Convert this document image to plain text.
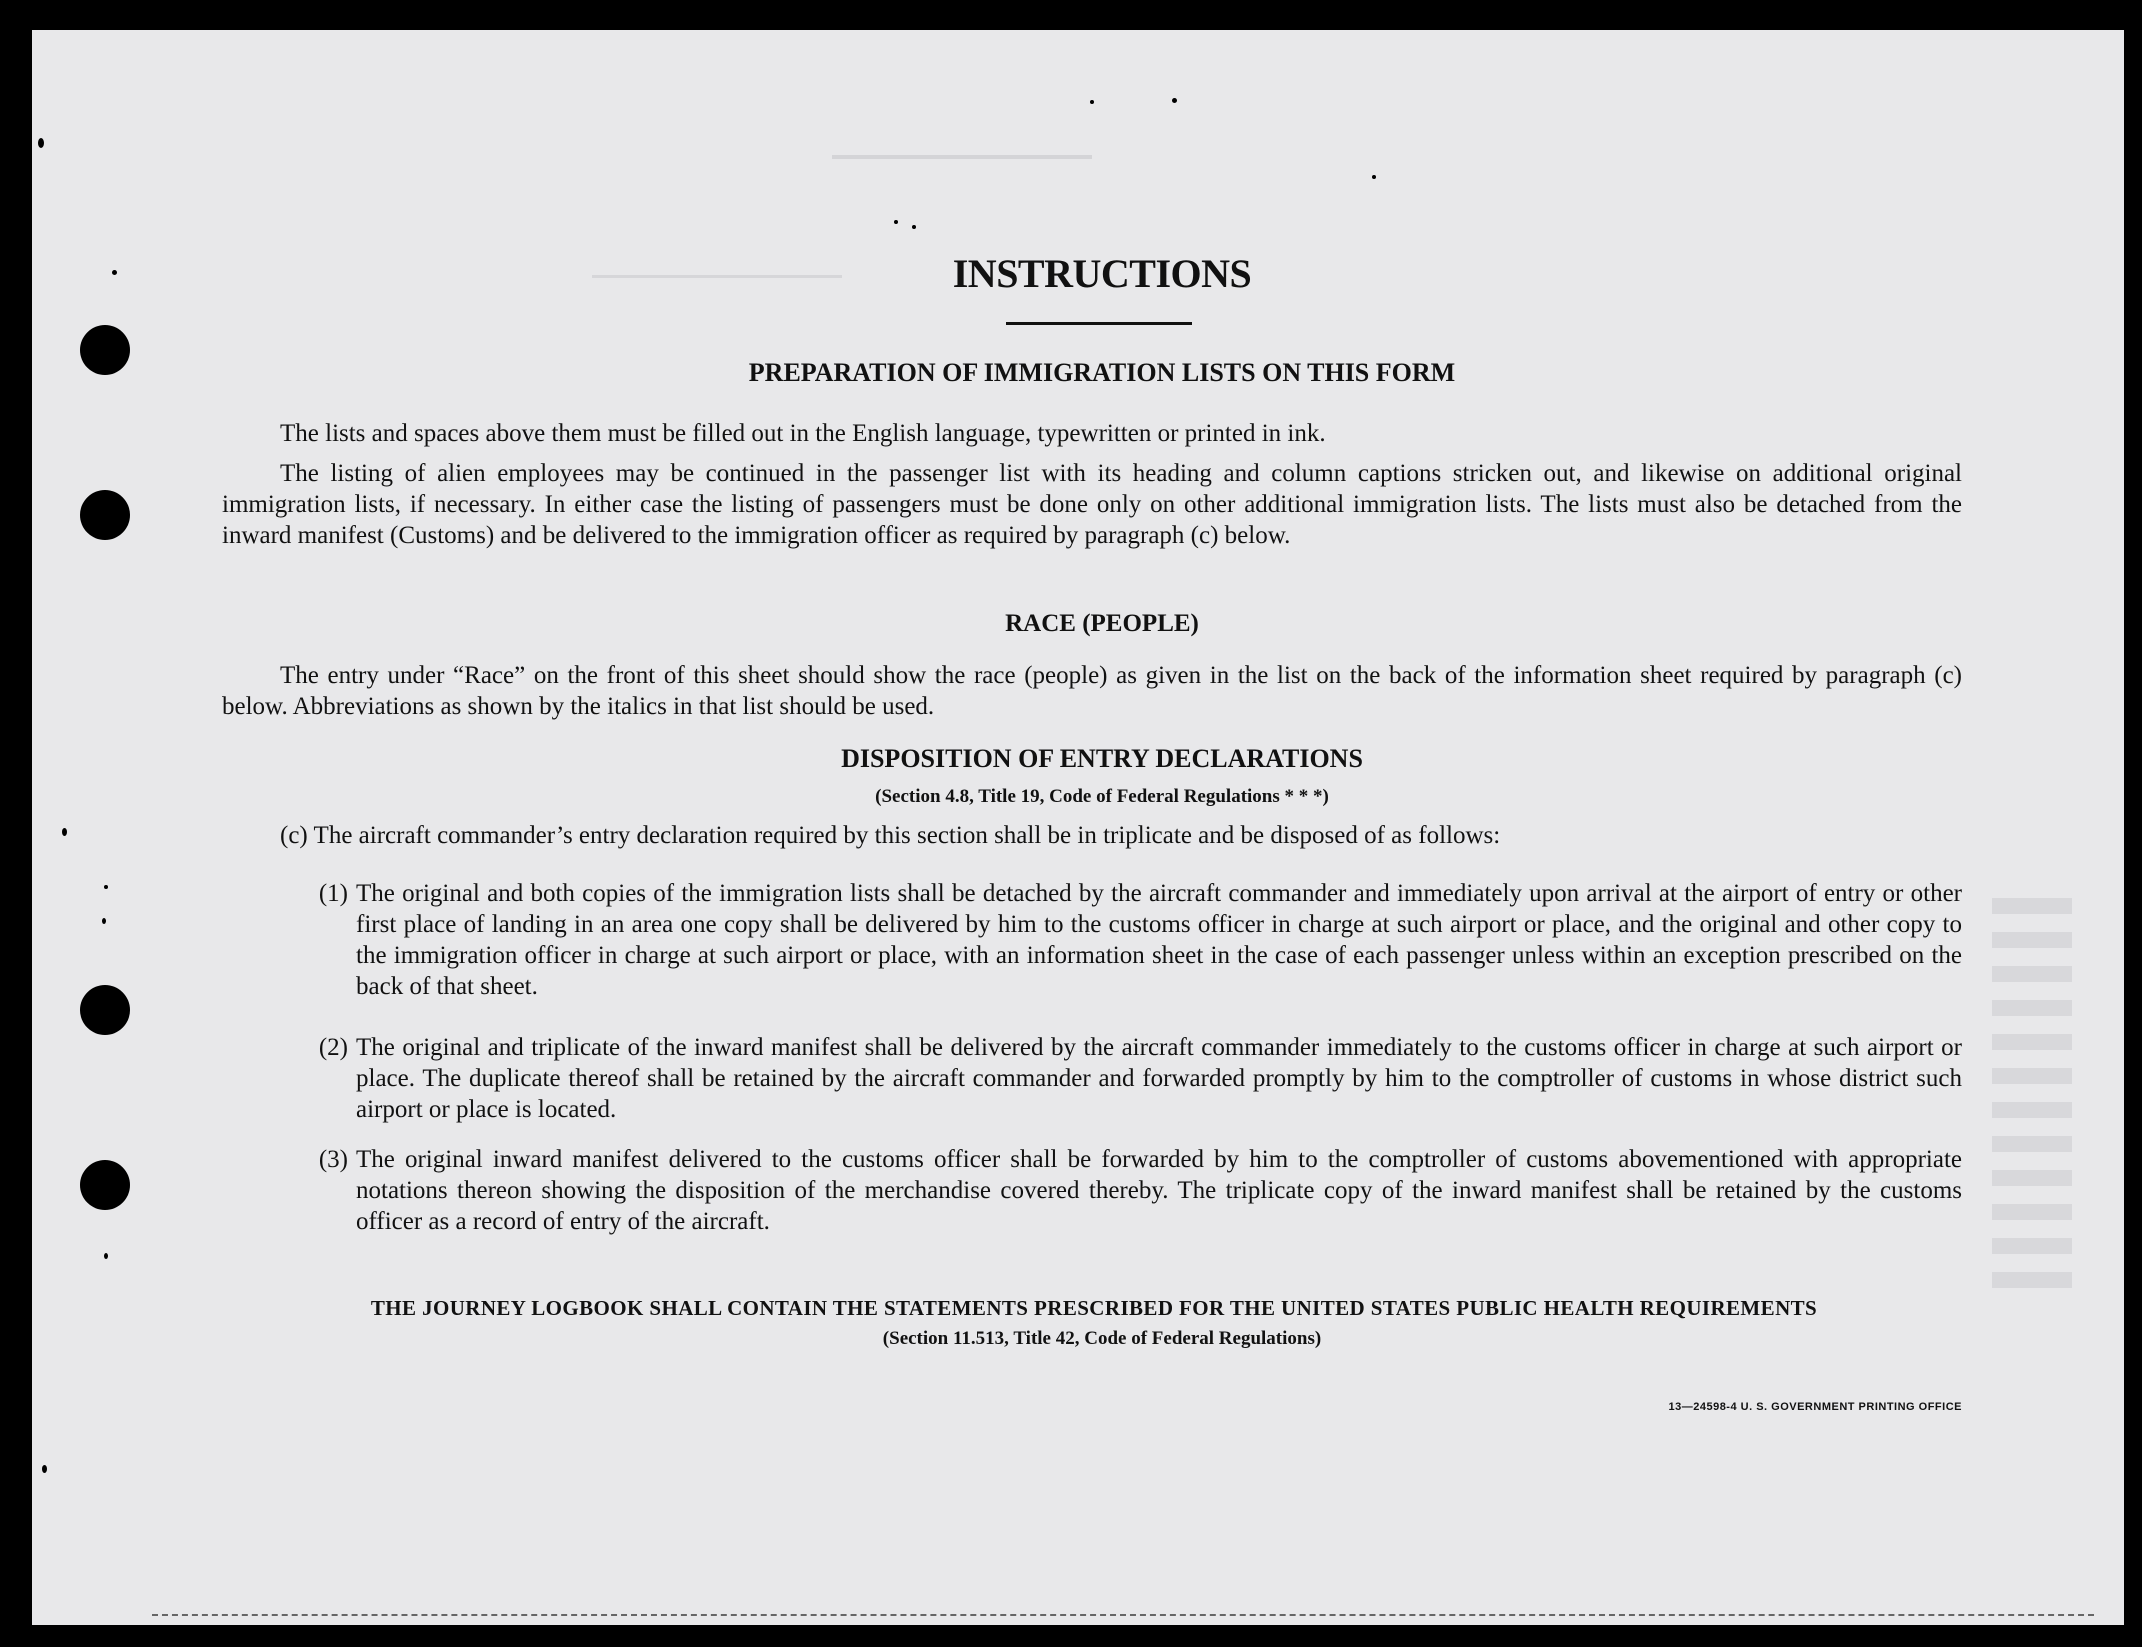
INSTRUCTIONS
PREPARATION OF IMMIGRATION LISTS ON THIS FORM

The lists and spaces above them must be filled out in the English language, typewritten or printed in ink.

The listing of alien employees may be continued in the passenger list with its heading and column captions stricken out, and likewise on additional original immigration lists, if necessary. In either case the listing of passengers must be done only on other additional immigration lists. The lists must also be detached from the inward manifest (Customs) and be delivered to the immigration officer as required by paragraph (c) below.

RACE (PEOPLE)

The entry under “Race” on the front of this sheet should show the race (people) as given in the list on the back of the information sheet required by paragraph (c) below. Abbreviations as shown by the italics in that list should be used.

DISPOSITION OF ENTRY DECLARATIONS
(Section 4.8, Title 19, Code of Federal Regulations * * *)

(c) The aircraft commander’s entry declaration required by this section shall be in triplicate and be disposed of as follows:

(1) The original and both copies of the immigration lists shall be detached by the aircraft commander and immediately upon arrival at the airport of entry or other first place of landing in an area one copy shall be delivered by him to the customs officer in charge at such airport or place, and the original and other copy to the immigration officer in charge at such airport or place, with an information sheet in the case of each passenger unless within an exception prescribed on the back of that sheet.

(2) The original and triplicate of the inward manifest shall be delivered by the aircraft commander immediately to the customs officer in charge at such airport or place. The duplicate thereof shall be retained by the aircraft commander and forwarded promptly by him to the comptroller of customs in whose district such airport or place is located.

(3) The original inward manifest delivered to the customs officer shall be forwarded by him to the comptroller of customs abovementioned with appropriate notations thereon showing the disposition of the merchandise covered thereby. The triplicate copy of the inward manifest shall be retained by the customs officer as a record of entry of the aircraft.

THE JOURNEY LOGBOOK SHALL CONTAIN THE STATEMENTS PRESCRIBED FOR THE UNITED STATES PUBLIC HEALTH REQUIREMENTS
(Section 11.513, Title 42, Code of Federal Regulations)
13—24598-4 U. S. GOVERNMENT PRINTING OFFICE
